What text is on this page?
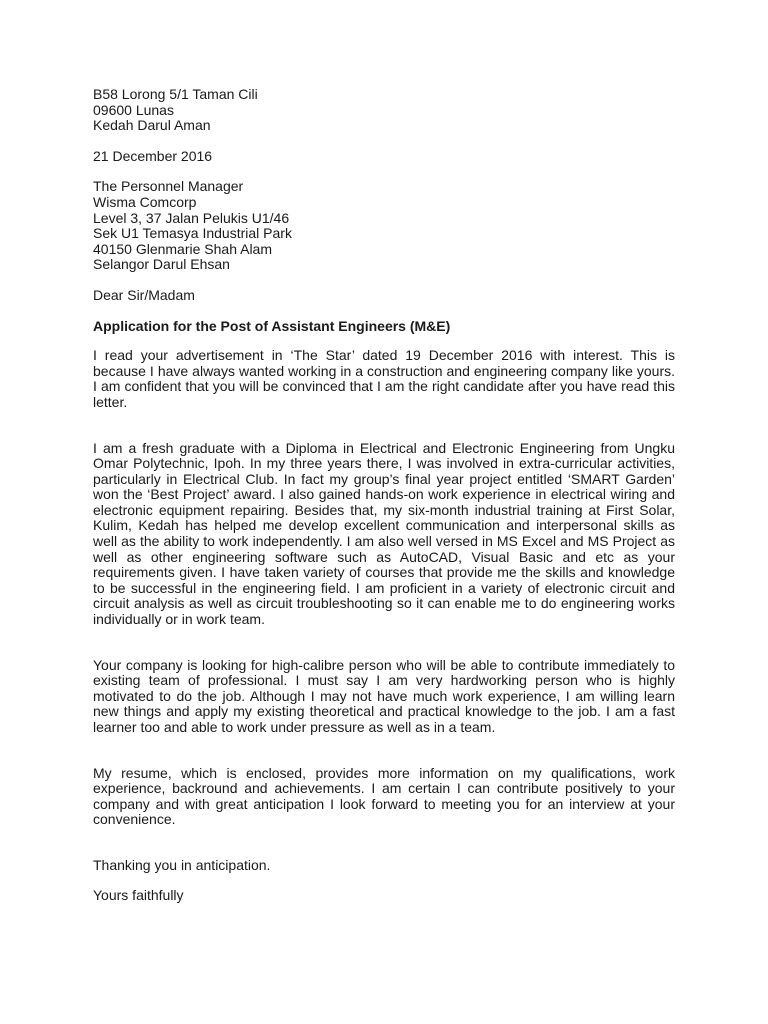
B58 Lorong 5/1 Taman Cili
09600 Lunas
Kedah Darul Aman
21 December 2016
The Personnel Manager
Wisma Comcorp
Level 3, 37 Jalan Pelukis U1/46
Sek U1 Temasya Industrial Park
40150 Glenmarie Shah Alam
Selangor Darul Ehsan
Dear Sir/Madam
Application for the Post of Assistant Engineers (M&E)

I read your advertisement in ‘The Star’ dated 19 December 2016 with interest. This is because I have always wanted working in a construction and engineering company like yours. I am confident that you will be convinced that I am the right candidate after you have read this letter.

I am a fresh graduate with a Diploma in Electrical and Electronic Engineering from Ungku Omar Polytechnic, Ipoh. In my three years there, I was involved in extra-curricular activities, particularly in Electrical Club. In fact my group’s final year project entitled ‘SMART Garden’ won the ‘Best Project’ award. I also gained hands-on work experience in electrical wiring and electronic equipment repairing. Besides that, my six-month industrial training at First Solar, Kulim, Kedah has helped me develop excellent communication and interpersonal skills as well as the ability to work independently. I am also well versed in MS Excel and MS Project as well as other engineering software such as AutoCAD, Visual Basic and etc as your requirements given. I have taken variety of courses that provide me the skills and knowledge to be successful in the engineering field. I am proficient in a variety of electronic circuit and circuit analysis as well as circuit troubleshooting so it can enable me to do engineering works individually or in work team.

Your company is looking for high-calibre person who will be able to contribute immediately to existing team of professional. I must say I am very hardworking person who is highly motivated to do the job. Although I may not have much work experience, I am willing learn new things and apply my existing theoretical and practical knowledge to the job. I am a fast learner too and able to work under pressure as well as in a team.

My resume, which is enclosed, provides more information on my qualifications, work experience, backround and achievements. I am certain I can contribute positively to your company and with great anticipation I look forward to meeting you for an interview at your convenience.

Thanking you in anticipation.
Yours faithfully
